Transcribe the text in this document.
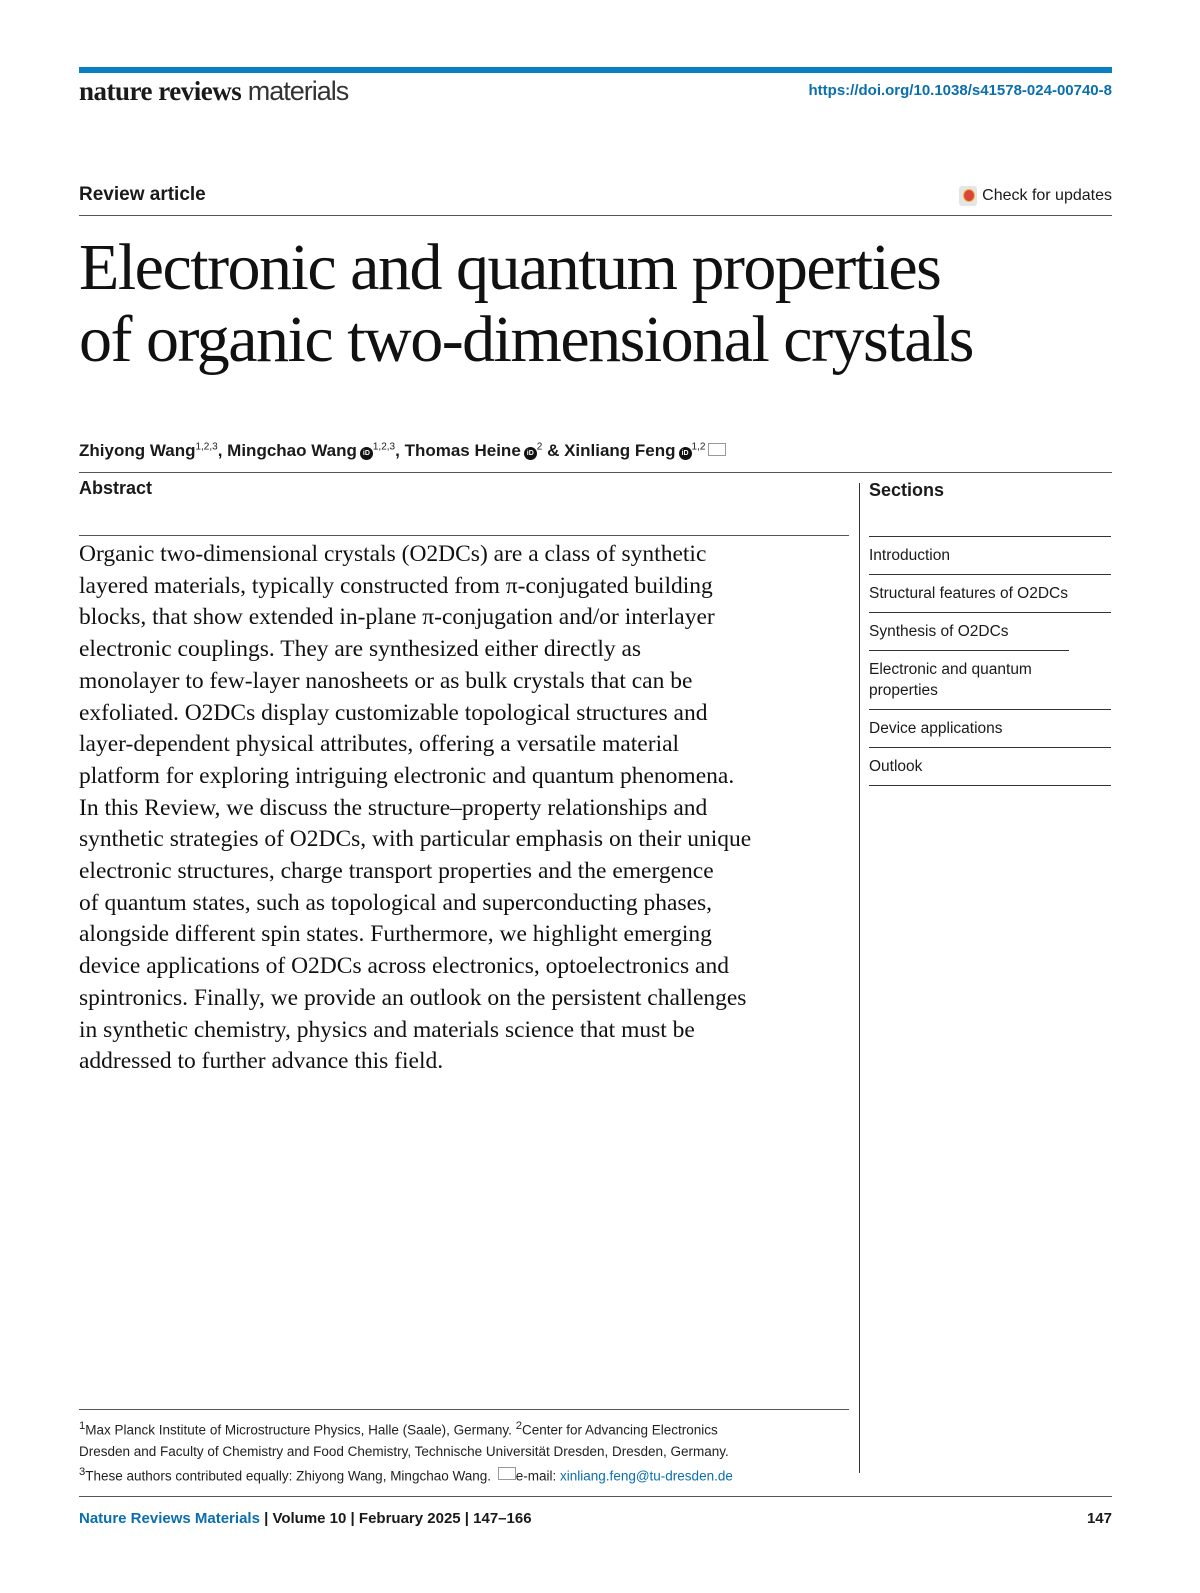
nature reviews materials	https://doi.org/10.1038/s41578-024-00740-8
Review article	Check for updates
Electronic and quantum properties
of organic two-dimensional crystals
Zhiyong Wang$^{1,2,3}$, Mingchao Wang iD$^{1,2,3}$, Thomas Heine $iD^2$ & Xinliang Feng iD$^{1,2}$
Abstract
Organic two-dimensional crystals (O2DCs) are a class of synthetic
layered materials, typically constructed from π-conjugated building
blocks, that show extended in-plane π-conjugation and/or interlayer
electronic couplings. They are synthesized either directly as
monolayer to few-layer nanosheets or as bulk crystals that can be
exfoliated. O2DCs display customizable topological structures and
layer-dependent physical attributes, offering a versatile material
platform for exploring intriguing electronic and quantum phenomena.
In this Review, we discuss the structure–property relationships and
synthetic strategies of O2DCs, with particular emphasis on their unique
electronic structures, charge transport properties and the emergence
of quantum states, such as topological and superconducting phases,
alongside different spin states. Furthermore, we highlight emerging
device applications of O2DCs across electronics, optoelectronics and
spintronics. Finally, we provide an outlook on the persistent challenges
in synthetic chemistry, physics and materials science that must be
addressed to further advance this field.
Sections
Introduction
Structural features of O2DCs
Synthesis of O2DCs
Electronic and quantum properties
Device applications
Outlook
$^1$Max Planck Institute of Microstructure Physics, Halle (Saale), Germany. $^2$Center for Advancing Electronics
Dresden and Faculty of Chemistry and Food Chemistry, Technische Universität Dresden, Dresden, Germany.
$^3$These authors contributed equally: Zhiyong Wang, Mingchao Wang. e-mail: xinliang.feng@tu-dresden.de
Nature Reviews Materials | Volume 10 | February 2025 | 147–166	147
